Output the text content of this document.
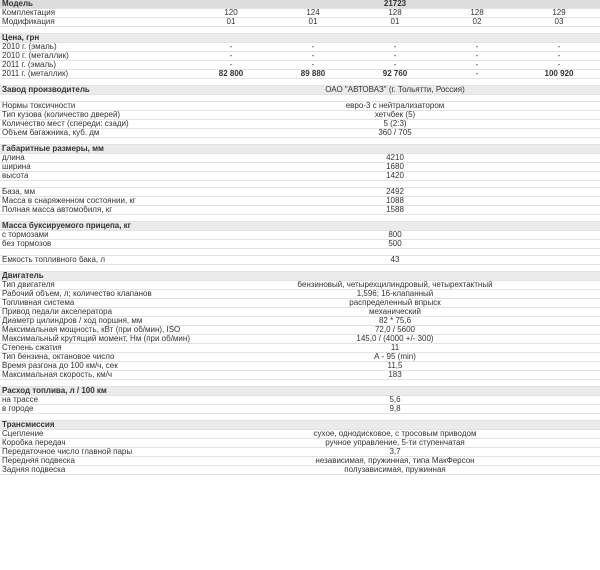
Модель	21723				
Комплектация	120	124	128	128	129
Модификация	01	01	01	02	03

Цена, грн					
2010 г. (эмаль)	-	-	-	-	-
2010 г. (металлик)	-	-	-	-	-
2011 г. (эмаль)	-	-	-	-	-
2011 г. (металлик)	82 800	89 880	92 760	-	100 920

Завод производитель	ОАО "АВТОВАЗ" (г. Тольятти, Россия)				

Нормы токсичности	евро-3 с нейтрализатором				
Тип кузова (количество дверей)	хетчбек (5)				
Количество мест (спереди: сзади)	5 (2:3)				
Объем багажника, куб. дм	360 / 705				

Габаритные размеры, мм					
длина	4210				
ширина	1680				
высота	1420				

База, мм	2492				
Масса в снаряженном состоянии, кг	1088				
Полная масса автомобиля, кг	1588				

Масса буксируемого прицепа, кг					
с тормозами	800				
без тормозов	500				

Емкость топливного бака, л	43				

Двигатель					
Тип двигателя	бензиновый, четырехцилиндровый, четырехтактный				
Рабочий объем, л; количество клапанов	1,596; 16-клапанный				
Топливная система	распределенный впрыск				
Привод педали акселератора	механический				
Диаметр цилиндров / ход поршня, мм	82 * 75,6				
Максимальная мощность, кВт (при об/мин), ISO	72,0 / 5600				
Максимальный крутящий момент, Нм (при об/мин)	145,0 / (4000 +/- 300)				
Степень сжатия	11				
Тип бензина, октановое число	А - 95 (min)				
Время разгона до 100 км/ч, сек	11,5				
Максимальная скорость, км/ч	183				

Расход топлива, л / 100 км					
на трассе	5,6				
в городе	9,8				

Трансмиссия					
Сцепление	сухое, однодисковое, с тросовым приводом				
Коробка передач	ручное управление, 5-ти ступенчатая				
Передаточное число главной пары	3,7				
Передняя подвеска	независимая, пружинная, типа МакФерсон				
Задняя подвеска	полузависимая, пружинная				
